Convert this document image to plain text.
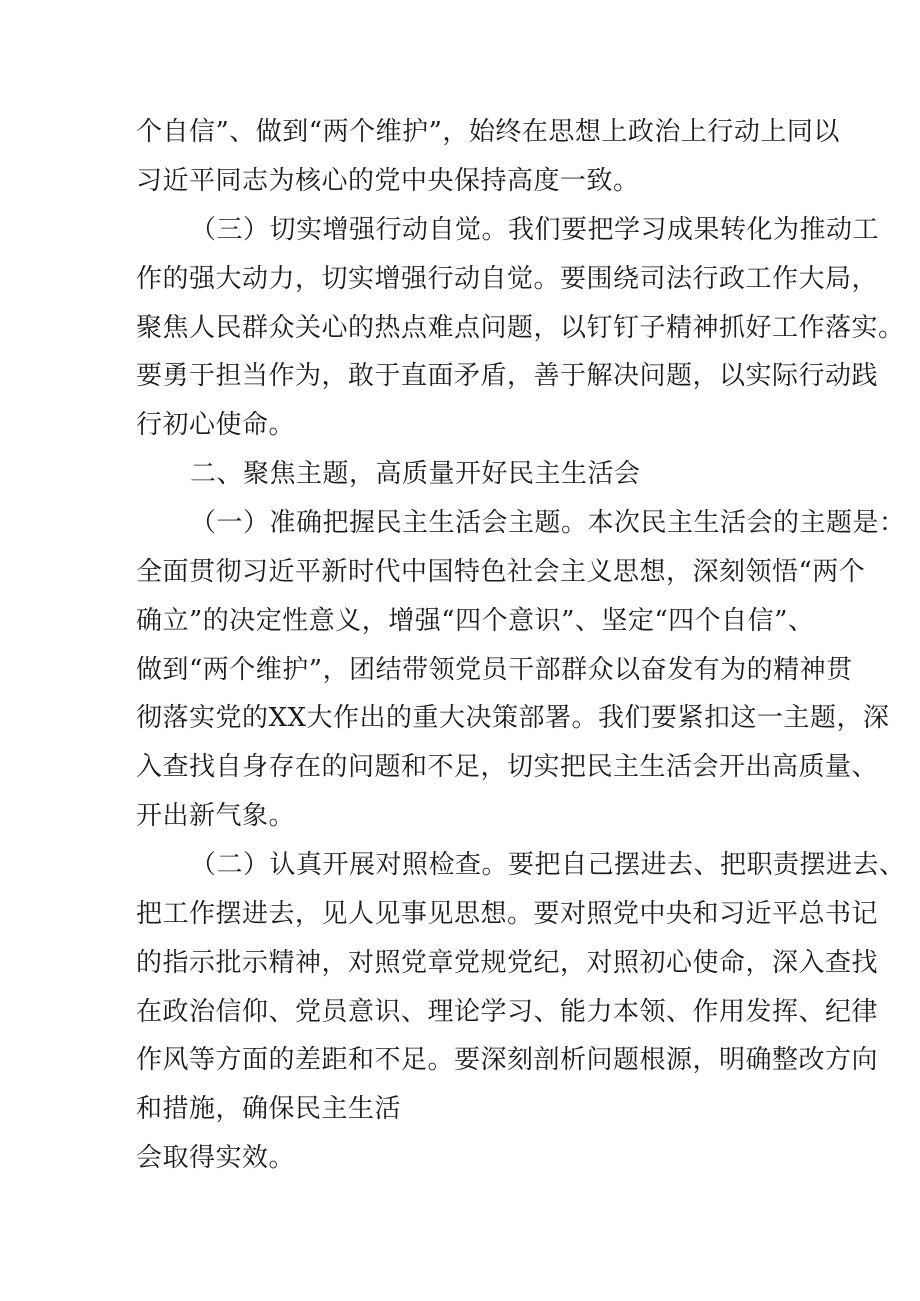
个自信”、做到“两个维护”，始终在思想上政治上行动上同以
习近平同志为核心的党中央保持高度一致。
（三）切实增强行动自觉。我们要把学习成果转化为推动工
作的强大动力，切实增强行动自觉。要围绕司法行政工作大局，
聚焦人民群众关心的热点难点问题，以钉钉子精神抓好工作落实。
要勇于担当作为，敢于直面矛盾，善于解决问题，以实际行动践
行初心使命。
二、聚焦主题，高质量开好民主生活会
（一）准确把握民主生活会主题。本次民主生活会的主题是：
全面贯彻习近平新时代中国特色社会主义思想，深刻领悟“两个
确立”的决定性意义，增强“四个意识”、坚定“四个自信”、
做到“两个维护”，团结带领党员干部群众以奋发有为的精神贯
彻落实党的XX大作出的重大决策部署。我们要紧扣这一主题，深
入查找自身存在的问题和不足，切实把民主生活会开出高质量、
开出新气象。
（二）认真开展对照检查。要把自己摆进去、把职责摆进去、
把工作摆进去，见人见事见思想。要对照党中央和习近平总书记
的指示批示精神，对照党章党规党纪，对照初心使命，深入查找
在政治信仰、党员意识、理论学习、能力本领、作用发挥、纪律
作风等方面的差距和不足。要深刻剖析问题根源，明确整改方向
和措施，确保民主生活
会取得实效。
